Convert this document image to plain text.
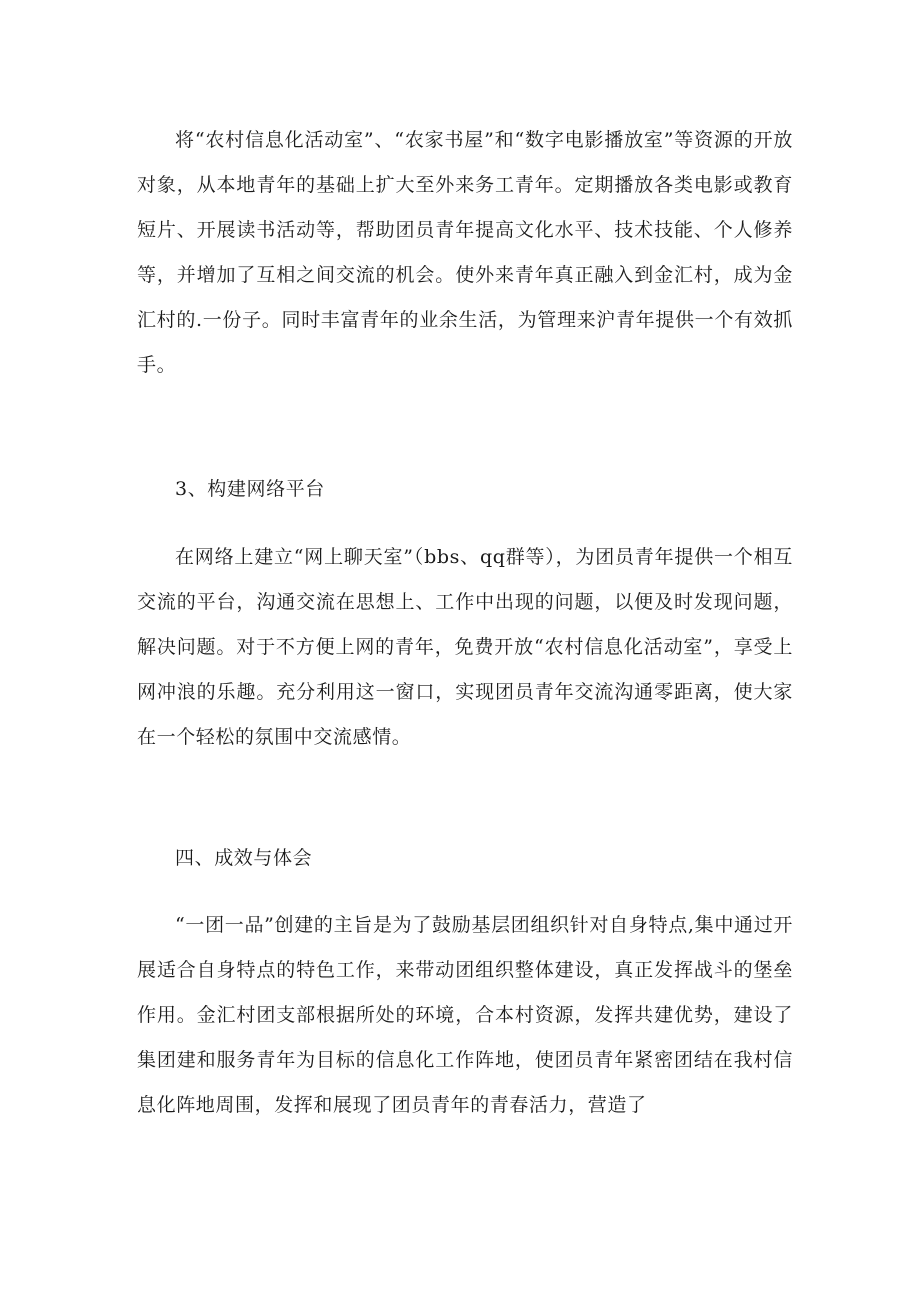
将“农村信息化活动室”、“农家书屋”和“数字电影播放室”等资源的开放对象，从本地青年的基础上扩大至外来务工青年。定期播放各类电影或教育短片、开展读书活动等，帮助团员青年提高文化水平、技术技能、个人修养等，并增加了互相之间交流的机会。使外来青年真正融入到金汇村，成为金汇村的.一份子。同时丰富青年的业余生活，为管理来沪青年提供一个有效抓手。

3、构建网络平台

在网络上建立“网上聊天室”（bbs、qq群等），为团员青年提供一个相互交流的平台，沟通交流在思想上、工作中出现的问题，以便及时发现问题，解决问题。对于不方便上网的青年，免费开放“农村信息化活动室”，享受上网冲浪的乐趣。充分利用这一窗口，实现团员青年交流沟通零距离，使大家在一个轻松的氛围中交流感情。

四、成效与体会

“一团一品”创建的主旨是为了鼓励基层团组织针对自身特点,集中通过开展适合自身特点的特色工作，来带动团组织整体建设，真正发挥战斗的堡垒作用。金汇村团支部根据所处的环境，合本村资源，发挥共建优势，建设了集团建和服务青年为目标的信息化工作阵地，使团员青年紧密团结在我村信息化阵地周围，发挥和展现了团员青年的青春活力，营造了
